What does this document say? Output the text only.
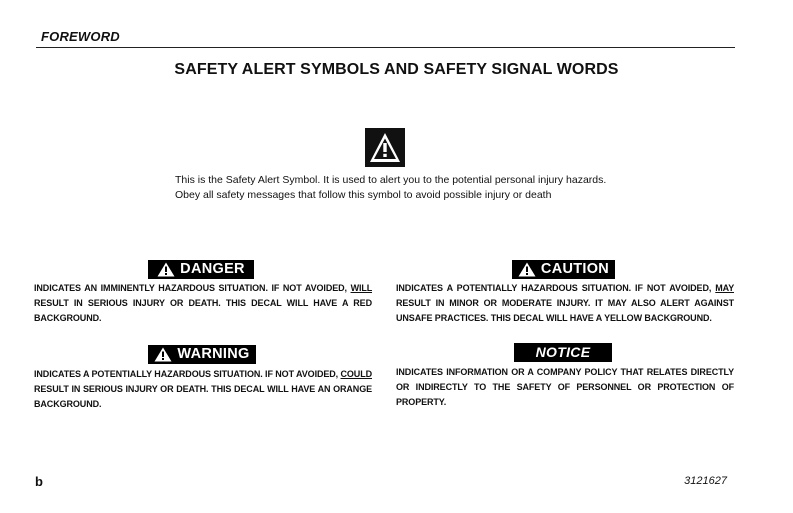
FOREWORD
SAFETY ALERT SYMBOLS AND SAFETY SIGNAL WORDS
This is the Safety Alert Symbol. It is used to alert you to the potential personal injury hazards. Obey all safety messages that follow this symbol to avoid possible injury or death
DANGER
INDICATES AN IMMINENTLY HAZARDOUS SITUATION. IF NOT AVOIDED, WILL RESULT IN SERIOUS INJURY OR DEATH. THIS DECAL WILL HAVE A RED BACKGROUND.
CAUTION
INDICATES A POTENTIALLY HAZARDOUS SITUATION. IF NOT AVOIDED, MAY RESULT IN MINOR OR MODERATE INJURY. IT MAY ALSO ALERT AGAINST UNSAFE PRACTICES. THIS DECAL WILL HAVE A YELLOW BACKGROUND.
WARNING
INDICATES A POTENTIALLY HAZARDOUS SITUATION. IF NOT AVOIDED, COULD RESULT IN SERIOUS INJURY OR DEATH. THIS DECAL WILL HAVE AN ORANGE BACKGROUND.
NOTICE
INDICATES INFORMATION OR A COMPANY POLICY THAT RELATES DIRECTLY OR INDIRECTLY TO THE SAFETY OF PERSONNEL OR PROTECTION OF PROPERTY.
b	3121627
